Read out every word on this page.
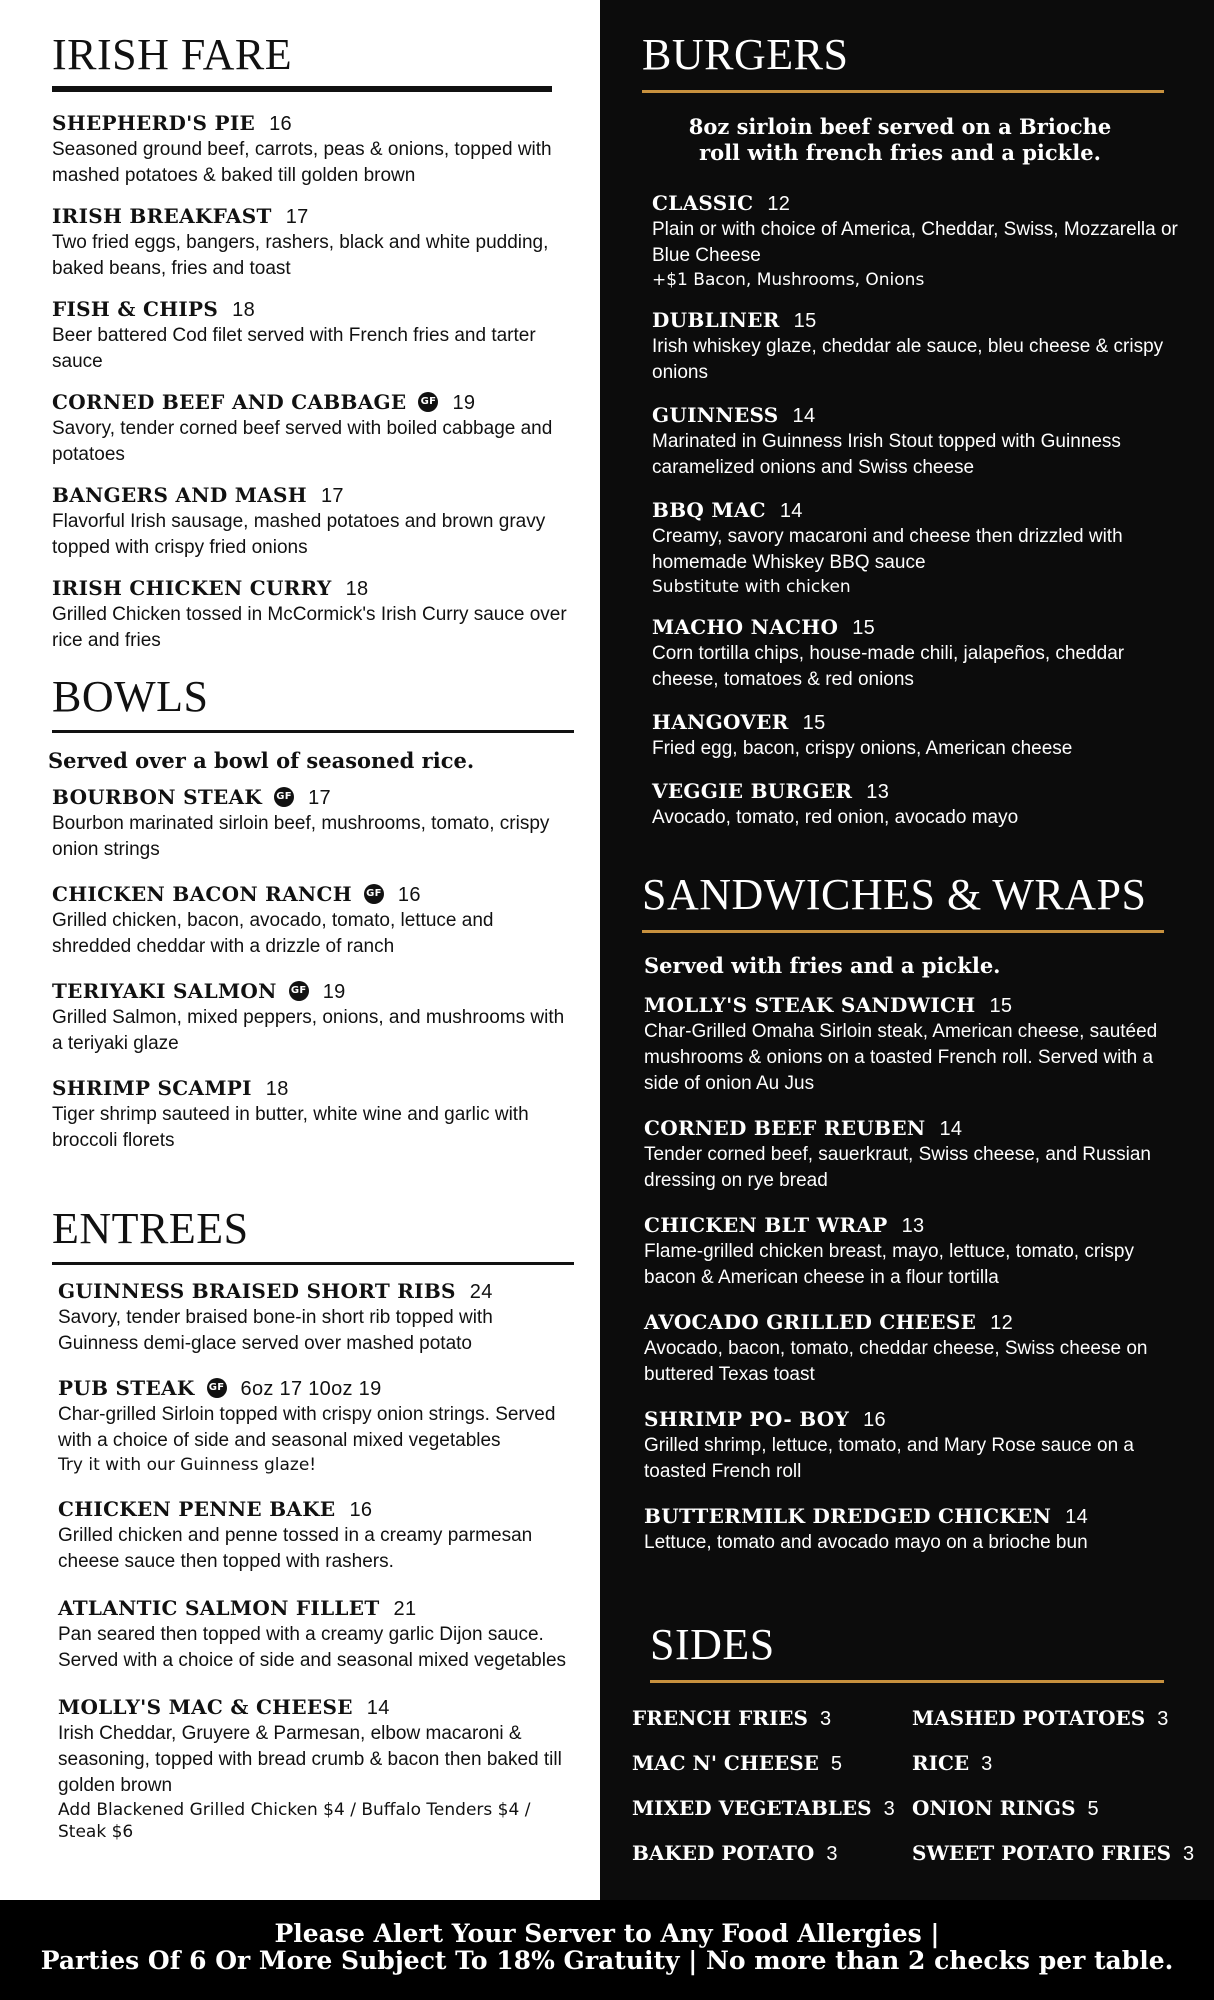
IRISH FARE
SHEPHERD'S PIE 16
Seasoned ground beef, carrots, peas & onions, topped with mashed potatoes & baked till golden brown
IRISH BREAKFAST 17
Two fried eggs, bangers, rashers, black and white pudding, baked beans, fries and toast
FISH & CHIPS 18
Beer battered Cod filet served with French fries and tarter sauce
CORNED BEEF AND CABBAGE GF 19
Savory, tender corned beef served with boiled cabbage and potatoes
BANGERS AND MASH 17
Flavorful Irish sausage, mashed potatoes and brown gravy topped with crispy fried onions
IRISH CHICKEN CURRY 18
Grilled Chicken tossed in McCormick's Irish Curry sauce over rice and fries
BOWLS
Served over a bowl of seasoned rice.
BOURBON STEAK GF 17
Bourbon marinated sirloin beef, mushrooms, tomato, crispy onion strings
CHICKEN BACON RANCH GF 16
Grilled chicken, bacon, avocado, tomato, lettuce and shredded cheddar with a drizzle of ranch
TERIYAKI SALMON GF 19
Grilled Salmon, mixed peppers, onions, and mushrooms with a teriyaki glaze
SHRIMP SCAMPI 18
Tiger shrimp sauteed in butter, white wine and garlic with broccoli florets
ENTREES
GUINNESS BRAISED SHORT RIBS 24
Savory, tender braised bone-in short rib topped with Guinness demi-glace served over mashed potato
PUB STEAK GF 6oz 17 10oz 19
Char-grilled Sirloin topped with crispy onion strings. Served with a choice of side and seasonal mixed vegetables
Try it with our Guinness glaze!
CHICKEN PENNE BAKE 16
Grilled chicken and penne tossed in a creamy parmesan cheese sauce then topped with rashers.
ATLANTIC SALMON FILLET 21
Pan seared then topped with a creamy garlic Dijon sauce. Served with a choice of side and seasonal mixed vegetables
MOLLY'S MAC & CHEESE 14
Irish Cheddar, Gruyere & Parmesan, elbow macaroni & seasoning, topped with bread crumb & bacon then baked till golden brown
Add Blackened Grilled Chicken $4 / Buffalo Tenders $4 / Steak $6
BURGERS
8oz sirloin beef served on a Brioche roll with french fries and a pickle.
CLASSIC 12
Plain or with choice of America, Cheddar, Swiss, Mozzarella or Blue Cheese
+$1 Bacon, Mushrooms, Onions
DUBLINER 15
Irish whiskey glaze, cheddar ale sauce, bleu cheese & crispy onions
GUINNESS 14
Marinated in Guinness Irish Stout topped with Guinness caramelized onions and Swiss cheese
BBQ MAC 14
Creamy, savory macaroni and cheese then drizzled with homemade Whiskey BBQ sauce
Substitute with chicken
MACHO NACHO 15
Corn tortilla chips, house-made chili, jalapeños, cheddar cheese, tomatoes & red onions
HANGOVER 15
Fried egg, bacon, crispy onions, American cheese
VEGGIE BURGER 13
Avocado, tomato, red onion, avocado mayo
SANDWICHES & WRAPS
Served with fries and a pickle.
MOLLY'S STEAK SANDWICH 15
Char-Grilled Omaha Sirloin steak, American cheese, sautéed mushrooms & onions on a toasted French roll. Served with a side of onion Au Jus
CORNED BEEF REUBEN 14
Tender corned beef, sauerkraut, Swiss cheese, and Russian dressing on rye bread
CHICKEN BLT WRAP 13
Flame-grilled chicken breast, mayo, lettuce, tomato, crispy bacon & American cheese in a flour tortilla
AVOCADO GRILLED CHEESE 12
Avocado, bacon, tomato, cheddar cheese, Swiss cheese on buttered Texas toast
SHRIMP PO- BOY 16
Grilled shrimp, lettuce, tomato, and Mary Rose sauce on a toasted French roll
BUTTERMILK DREDGED CHICKEN 14
Lettuce, tomato and avocado mayo on a brioche bun
SIDES
FRENCH FRIES 3	MASHED POTATOES 3
MAC N' CHEESE 5	RICE 3
MIXED VEGETABLES 3 ONION RINGS 5
BAKED POTATO 3	SWEET POTATO FRIES 3
Please Alert Your Server to Any Food Allergies |
Parties Of 6 Or More Subject To 18% Gratuity | No more than 2 checks per table.
